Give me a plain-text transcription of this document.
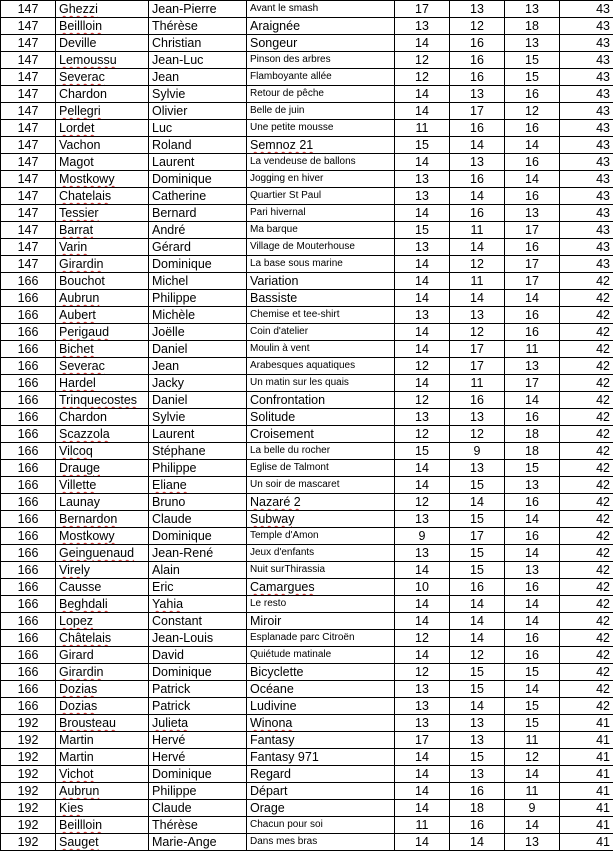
147	Ghezzi	Jean-Pierre	Avant le smash	17	13	13	43
147	Beillloin	Thérèse	Araignée	13	12	18	43
147	Deville	Christian	Songeur	14	16	13	43
147	Lemoussu	Jean-Luc	Pinson des arbres	12	16	15	43
147	Severac	Jean	Flamboyante allée	12	16	15	43
147	Chardon	Sylvie	Retour de pêche	14	13	16	43
147	Pellegri	Olivier	Belle de juin	14	17	12	43
147	Lordet	Luc	Une petite mousse	11	16	16	43
147	Vachon	Roland	Semnoz 21	15	14	14	43
147	Magot	Laurent	La vendeuse de ballons	14	13	16	43
147	Mostkowy	Dominique	Jogging en hiver	13	16	14	43
147	Chatelais	Catherine	Quartier St Paul	13	14	16	43
147	Tessier	Bernard	Pari hivernal	14	16	13	43
147	Barrat	André	Ma barque	15	11	17	43
147	Varin	Gérard	Village de Mouterhouse	13	14	16	43
147	Girardin	Dominique	La base sous marine	14	12	17	43
166	Bouchot	Michel	Variation	14	11	17	42
166	Aubrun	Philippe	Bassiste	14	14	14	42
166	Aubert	Michèle	Chemise et tee-shirt	13	13	16	42
166	Perigaud	Joëlle	Coin d'atelier	14	12	16	42
166	Bichet	Daniel	Moulin à vent	14	17	11	42
166	Severac	Jean	Arabesques aquatiques	12	17	13	42
166	Hardel	Jacky	Un matin sur les quais	14	11	17	42
166	Trinquecostes	Daniel	Confrontation	12	16	14	42
166	Chardon	Sylvie	Solitude	13	13	16	42
166	Scazzola	Laurent	Croisement	12	12	18	42
166	Vilcoq	Stéphane	La belle du rocher	15	9	18	42
166	Drauge	Philippe	Eglise de Talmont	14	13	15	42
166	Villette	Eliane	Un soir de mascaret	14	15	13	42
166	Launay	Bruno	Nazaré 2	12	14	16	42
166	Bernardon	Claude	Subway	13	15	14	42
166	Mostkowy	Dominique	Temple d'Amon	9	17	16	42
166	Geinguenaud	Jean-René	Jeux d'enfants	13	15	14	42
166	Virely	Alain	Nuit surThirassia	14	15	13	42
166	Causse	Eric	Camargues	10	16	16	42
166	Beghdali	Yahia	Le resto	14	14	14	42
166	Lopez	Constant	Miroir	14	14	14	42
166	Châtelais	Jean-Louis	Esplanade parc Citroën	12	14	16	42
166	Girard	David	Quiétude matinale	14	12	16	42
166	Girardin	Dominique	Bicyclette	12	15	15	42
166	Dozias	Patrick	Océane	13	15	14	42
166	Dozias	Patrick	Ludivine	13	14	15	42
192	Brousteau	Julieta	Winona	13	13	15	41
192	Martin	Hervé	Fantasy	17	13	11	41
192	Martin	Hervé	Fantasy 971	14	15	12	41
192	Vichot	Dominique	Regard	14	13	14	41
192	Aubrun	Philippe	Départ	14	16	11	41
192	Kies	Claude	Orage	14	18	9	41
192	Beillloin	Thérèse	Chacun pour soi	11	16	14	41
192	Sauget	Marie-Ange	Dans mes bras	14	14	13	41
